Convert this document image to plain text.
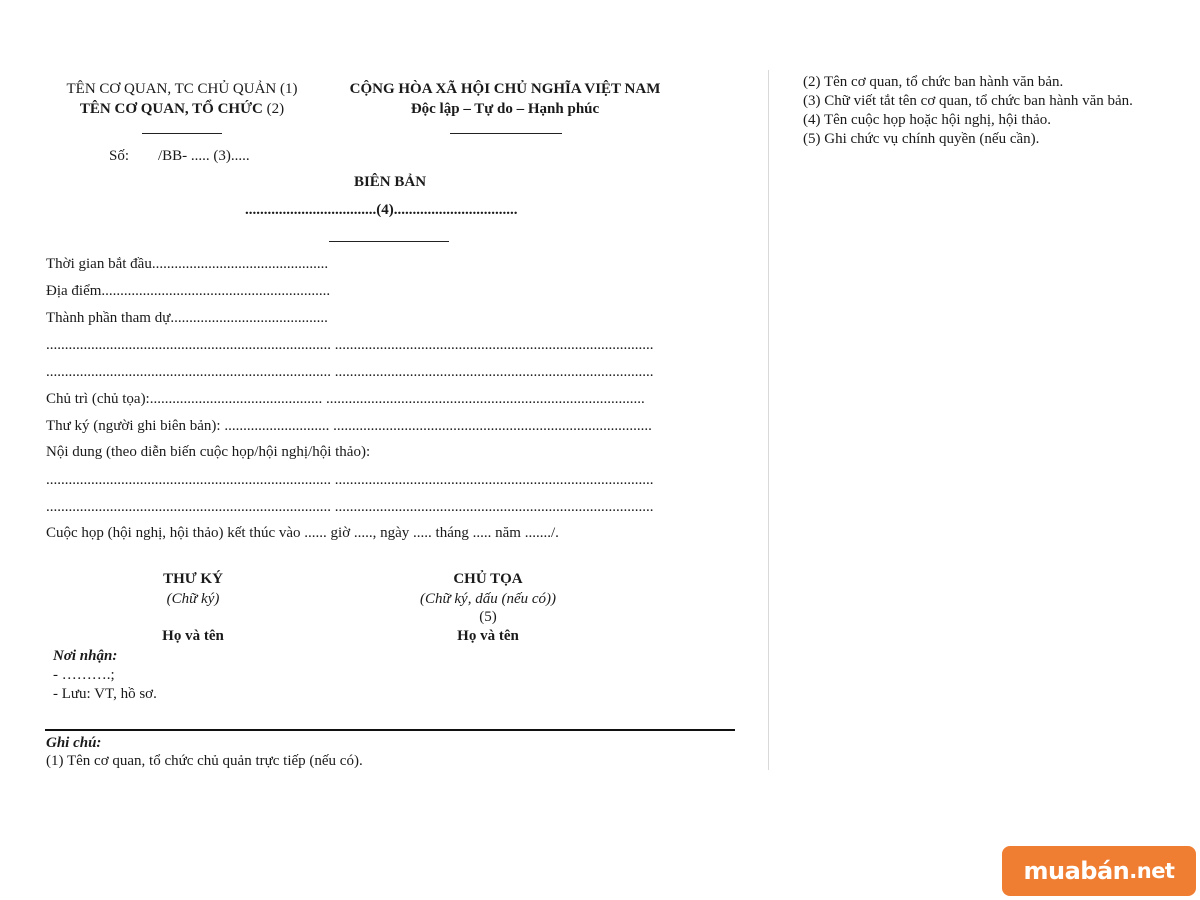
TÊN CƠ QUAN, TC CHỦ QUẢN (1)
TÊN CƠ QUAN, TỔ CHỨC (2)
Số: /BB- ..... (3).....
CỘNG HÒA XÃ HỘI CHỦ NGHĨA VIỆT NAM
Độc lập – Tự do – Hạnh phúc
BIÊN BẢN
...................................(4).................................
Thời gian bắt đầu...............................................
Địa điểm.............................................................
Thành phần tham dự..........................................
............................................................................ .....................................................................................
............................................................................ .....................................................................................
Chủ trì (chủ tọa):.............................................. .....................................................................................
Thư ký (người ghi biên bản): ............................ .....................................................................................
Nội dung (theo diễn biến cuộc họp/hội nghị/hội thảo):
............................................................................ .....................................................................................
............................................................................ .....................................................................................
Cuộc họp (hội nghị, hội thảo) kết thúc vào ...... giờ ....., ngày ..... tháng ..... năm ......./.
THƯ KÝ
(Chữ ký)
Họ và tên
CHỦ TỌA
(Chữ ký, dấu (nếu có))
(5)
Họ và tên
Nơi nhận:
- ……….;
- Lưu: VT, hồ sơ.
Ghi chú:
(1) Tên cơ quan, tổ chức chủ quản trực tiếp (nếu có).
(2) Tên cơ quan, tổ chức ban hành văn bản.
(3) Chữ viết tắt tên cơ quan, tổ chức ban hành văn bản.
(4) Tên cuộc họp hoặc hội nghị, hội thảo.
(5) Ghi chức vụ chính quyền (nếu cần).
muabán .net
